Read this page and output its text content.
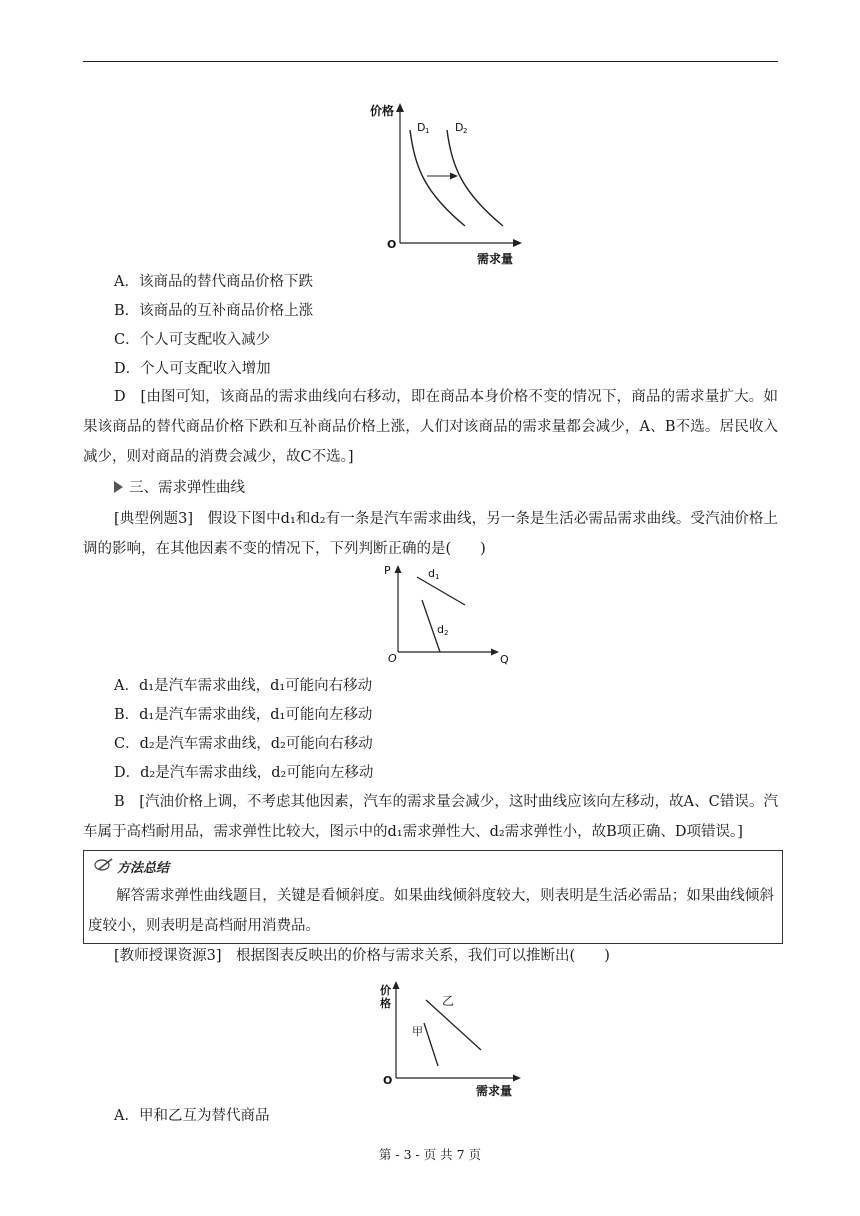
价格
需求量
O
D 1 D 2
A．该商品的替代商品价格下跌
B．该商品的互补商品价格上涨
C．个人可支配收入减少
D．个人可支配收入增加
D　[由图可知，该商品的需求曲线向右移动，即在商品本身价格不变的情况下，商品的需求量扩大。如果该商品的替代商品价格下跌和互补商品价格上涨，人们对该商品的需求量都会减少，A、B不选。居民收入减少，则对商品的消费会减少，故C不选。]
三、需求弹性曲线
[典型例题3]　假设下图中d₁和d₂有一条是汽车需求曲线，另一条是生活必需品需求曲线。受汽油价格上调的影响，在其他因素不变的情况下，下列判断正确的是(　　)
P
Q
O
d 1
d 2
A．d₁是汽车需求曲线，d₁可能向右移动
B．d₁是汽车需求曲线，d₁可能向左移动
C．d₂是汽车需求曲线，d₂可能向右移动
D．d₂是汽车需求曲线，d₂可能向左移动
B　[汽油价格上调，不考虑其他因素，汽车的需求量会减少，这时曲线应该向左移动，故A、C错误。汽车属于高档耐用品，需求弹性比较大，图示中的d₁需求弹性大、d₂需求弹性小，故B项正确、D项错误。]
方法总结
解答需求弹性曲线题目，关键是看倾斜度。如果曲线倾斜度较大，则表明是生活必需品；如果曲线倾斜度较小，则表明是高档耐用消费品。
[教师授课资源3]　根据图表反映出的价格与需求关系，我们可以推断出(　　)
价
格
需求量
O
甲
乙
A．甲和乙互为替代商品
第 - 3 - 页 共 7 页
